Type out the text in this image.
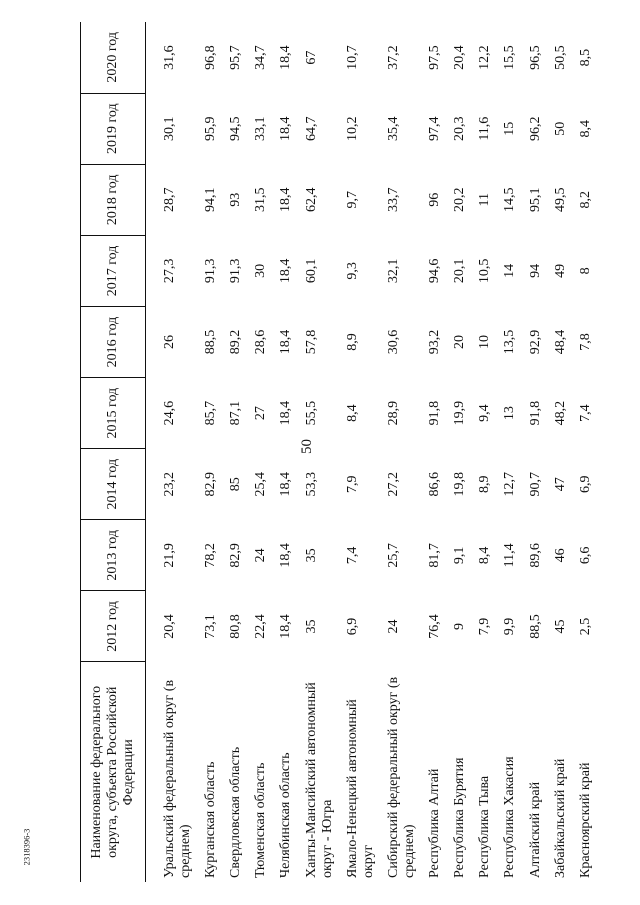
50
2318396-3	Наименование федерального округа, субъекта Российской Федерации	2012 год	2013 год	2014 год	2015 год	2016 год	2017 год	2018 год	2019 год	2020 год
Уральский федеральный округ (в среднем)	20,4	21,9	23,2	24,6	26	27,3	28,7	30,1	31,6
Курганская область	73,1	78,2	82,9	85,7	88,5	91,3	94,1	95,9	96,8
Свердловская область	80,8	82,9	85	87,1	89,2	91,3	93	94,5	95,7
Тюменская область	22,4	24	25,4	27	28,6	30	31,5	33,1	34,7
Челябинская область	18,4	18,4	18,4	18,4	18,4	18,4	18,4	18,4	18,4
Ханты-Мансийский автономный округ - Югра	35	35	53,3	55,5	57,8	60,1	62,4	64,7	67
Ямало-Ненецкий автономный округ	6,9	7,4	7,9	8,4	8,9	9,3	9,7	10,2	10,7
Сибирский федеральный округ (в среднем)	24	25,7	27,2	28,9	30,6	32,1	33,7	35,4	37,2
Республика Алтай	76,4	81,7	86,6	91,8	93,2	94,6	96	97,4	97,5
Республика Бурятия	9	9,1	19,8	19,9	20	20,1	20,2	20,3	20,4
Республика Тыва	7,9	8,4	8,9	9,4	10	10,5	11	11,6	12,2
Республика Хакасия	9,9	11,4	12,7	13	13,5	14	14,5	15	15,5
Алтайский край	88,5	89,6	90,7	91,8	92,9	94	95,1	96,2	96,5
Забайкальский край	45	46	47	48,2	48,4	49	49,5	50	50,5
Красноярский край	2,5	6,6	6,9	7,4	7,8	8	8,2	8,4	8,5
